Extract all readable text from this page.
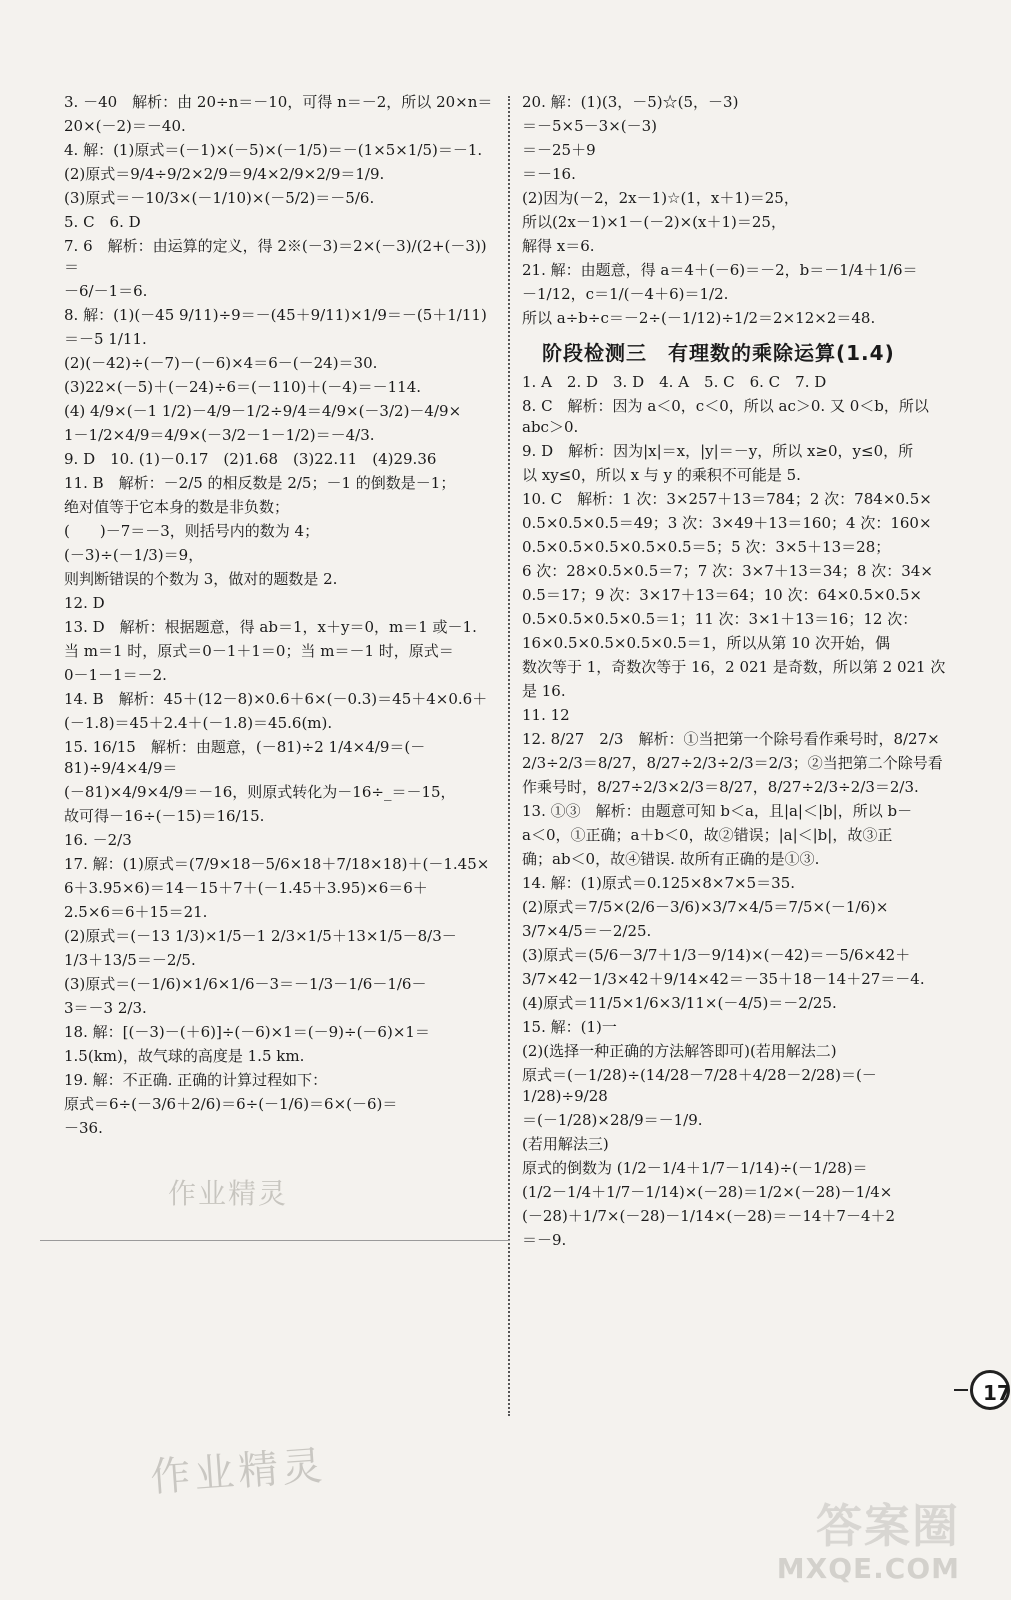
3. －40　解析：由 20÷n＝－10，可得 n＝－2，所以 20×n＝
20×(－2)＝－40.
4. 解：(1)原式＝(－1)×(－5)×(－1/5)＝－(1×5×1/5)＝－1.
(2)原式＝9/4÷9/2×2/9＝9/4×2/9×2/9＝1/9.
(3)原式＝－10/3×(－1/10)×(－5/2)＝－5/6.
5. C　6. D
7. 6　解析：由运算的定义，得 2※(－3)＝2×(－3)/(2+(－3))＝
－6/－1＝6.
8. 解：(1)(－45 9/11)÷9＝－(45＋9/11)×1/9＝－(5＋1/11)
＝－5 1/11.
(2)(－42)÷(－7)－(－6)×4＝6－(－24)＝30.
(3)22×(－5)＋(－24)÷6＝(－110)＋(－4)＝－114.
(4) 4/9×(－1 1/2)－4/9－1/2÷9/4＝4/9×(－3/2)－4/9×
1－1/2×4/9＝4/9×(－3/2－1－1/2)＝－4/3.
9. D　10. (1)－0.17　(2)1.68　(3)22.11　(4)29.36
11. B　解析：－2/5 的相反数是 2/5；－1 的倒数是－1；
绝对值等于它本身的数是非负数；
(　　)－7＝－3，则括号内的数为 4；
(－3)÷(－1/3)＝9，
则判断错误的个数为 3，做对的题数是 2.
12. D
13. D　解析：根据题意，得 ab＝1，x＋y＝0，m＝1 或－1.
当 m＝1 时，原式＝0－1＋1＝0；当 m＝－1 时，原式＝
0－1－1＝－2.
14. B　解析：45＋(12－8)×0.6＋6×(－0.3)＝45＋4×0.6＋
(－1.8)＝45＋2.4＋(－1.8)＝45.6(m).
15. 16/15　解析：由题意，(－81)÷2 1/4×4/9＝(－81)÷9/4×4/9＝
(－81)×4/9×4/9＝－16，则原式转化为－16÷_＝－15，
故可得－16÷(－15)＝16/15.
16. －2/3
17. 解：(1)原式＝(7/9×18－5/6×18＋7/18×18)＋(－1.45×
6＋3.95×6)＝14－15＋7＋(－1.45＋3.95)×6＝6＋
2.5×6＝6＋15＝21.
(2)原式＝(－13 1/3)×1/5－1 2/3×1/5＋13×1/5－8/3－
1/3＋13/5＝－2/5.
(3)原式＝(－1/6)×1/6×1/6－3＝－1/3－1/6－1/6－
3＝－3 2/3.
18. 解：[(－3)－(＋6)]÷(－6)×1＝(－9)÷(－6)×1＝
1.5(km)，故气球的高度是 1.5 km.
19. 解：不正确. 正确的计算过程如下：
原式＝6÷(－3/6＋2/6)＝6÷(－1/6)＝6×(－6)＝
－36.
20. 解：(1)(3，－5)☆(5，－3)
＝－5×5－3×(－3)
＝－25＋9
＝－16.
(2)因为(－2，2x－1)☆(1，x＋1)＝25，
所以(2x－1)×1－(－2)×(x＋1)＝25，
解得 x＝6.
21. 解：由题意，得 a＝4＋(－6)＝－2，b＝－1/4＋1/6＝
－1/12，c＝1/(－4＋6)＝1/2.
所以 a÷b÷c＝－2÷(－1/12)÷1/2＝2×12×2＝48.
阶段检测三　有理数的乘除运算(1.4)
1. A　2. D　3. D　4. A　5. C　6. C　7. D
8. C　解析：因为 a＜0，c＜0，所以 ac＞0. 又 0＜b，所以 abc＞0.
9. D　解析：因为|x|＝x，|y|＝－y，所以 x≥0，y≤0，所
以 xy≤0，所以 x 与 y 的乘积不可能是 5.
10. C　解析：1 次：3×257＋13＝784；2 次：784×0.5×
0.5×0.5×0.5＝49；3 次：3×49＋13＝160；4 次：160×
0.5×0.5×0.5×0.5×0.5＝5；5 次：3×5＋13＝28；
6 次：28×0.5×0.5＝7；7 次：3×7＋13＝34；8 次：34×
0.5＝17；9 次：3×17＋13＝64；10 次：64×0.5×0.5×
0.5×0.5×0.5×0.5＝1；11 次：3×1＋13＝16；12 次：
16×0.5×0.5×0.5×0.5＝1，所以从第 10 次开始，偶
数次等于 1，奇数次等于 16，2 021 是奇数，所以第 2 021 次
是 16.
11. 12
12. 8/27　2/3　解析：①当把第一个除号看作乘号时，8/27×
2/3÷2/3＝8/27，8/27÷2/3÷2/3＝2/3；②当把第二个除号看
作乘号时，8/27÷2/3×2/3＝8/27，8/27÷2/3÷2/3＝2/3.
13. ①③　解析：由题意可知 b＜a，且|a|＜|b|，所以 b－
a＜0，①正确；a＋b＜0，故②错误；|a|＜|b|，故③正
确；ab＜0，故④错误. 故所有正确的是①③.
14. 解：(1)原式＝0.125×8×7×5＝35.
(2)原式＝7/5×(2/6－3/6)×3/7×4/5＝7/5×(－1/6)×
3/7×4/5＝－2/25.
(3)原式＝(5/6－3/7＋1/3－9/14)×(－42)＝－5/6×42＋
3/7×42－1/3×42＋9/14×42＝－35＋18－14＋27＝－4.
(4)原式＝11/5×1/6×3/11×(－4/5)＝－2/25.
15. 解：(1)一
(2)(选择一种正确的方法解答即可)(若用解法二)
原式＝(－1/28)÷(14/28－7/28＋4/28－2/28)＝(－1/28)÷9/28
＝(－1/28)×28/9＝－1/9.
(若用解法三)
原式的倒数为 (1/2－1/4＋1/7－1/14)÷(－1/28)＝
(1/2－1/4＋1/7－1/14)×(－28)＝1/2×(－28)－1/4×
(－28)＋1/7×(－28)－1/14×(－28)＝－14＋7－4＋2
＝－9.
17
作业精灵
作业精灵
答案圈
MXQE.COM
